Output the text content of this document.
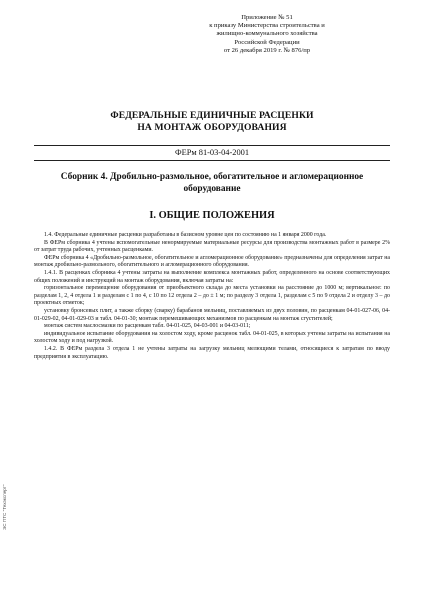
Приложение № 51
к приказу Министерства строительства и
жилищно-коммунального хозяйства
Российской Федерации
от 26 декабря 2019 г. № 876/пр
ФЕДЕРАЛЬНЫЕ ЕДИНИЧНЫЕ РАСЦЕНКИ
НА МОНТАЖ ОБОРУДОВАНИЯ
ФЕРм 81-03-04-2001
Сборник 4. Дробильно-размольное, обогатительное и агломерационное
оборудование
I. ОБЩИЕ ПОЛОЖЕНИЯ

1.4. Федеральные единичные расценки разработаны в базисном уровне цен по состоянию на 1 января 2000 года.

В ФЕРм сборника 4 учтены вспомогательные ненормируемые материальные ресурсы для производства монтажных работ в размере 2% от затрат труда рабочих, учтенных расценками.

ФЕРм сборника 4 «Дробильно-размольное, обогатительное и агломерационное оборудование» предназначены для определения затрат на монтаж дробильно-размольного, обогатительного и агломерационного оборудования.

1.4.1. В расценках сборника 4 учтены затраты на выполнение комплекса монтажных работ, определенного на основе соответствующих общих положений и инструкций на монтаж оборудования, включая затраты на:

горизонтальное перемещение оборудования от приобъектного склада до места установки на расстояние до 1000 м; вертикальное: по разделам 1, 2, 4 отдела 1 и разделам с 1 по 4, с 10 по 12 отдела 2 – до ± 1 м; по разделу 3 отдела 1, разделам с 5 по 9 отдела 2 и отделу 3 – до проектных отметок;

установку бронсевых плит, а также сборку (сварку) барабанов мельниц, поставляемых из двух половин, по расценкам 04-01-027-06, 04-01-029-02, 04-01-029-03 и табл. 04-01-30; монтаж перемешивающих механизмов по расценкам на монтаж сгустителей;

монтаж систем маслосмазки по расценкам табл. 04-01-025, 04-03-001 и 04-03-011;

индивидуальное испытание оборудования на холостом ходу, кроме расценок табл. 04-01-025, в которых учтены затраты на испытания на холостом ходу и под нагрузкой.

1.4.2. В ФЕРм раздела 3 отдела 1 не учтены затраты на загрузку мельниц мелющими телами, относящиеся к затратам по вводу предприятия в эксплуатацию.

ЭС ПТС "Техэксперт"
